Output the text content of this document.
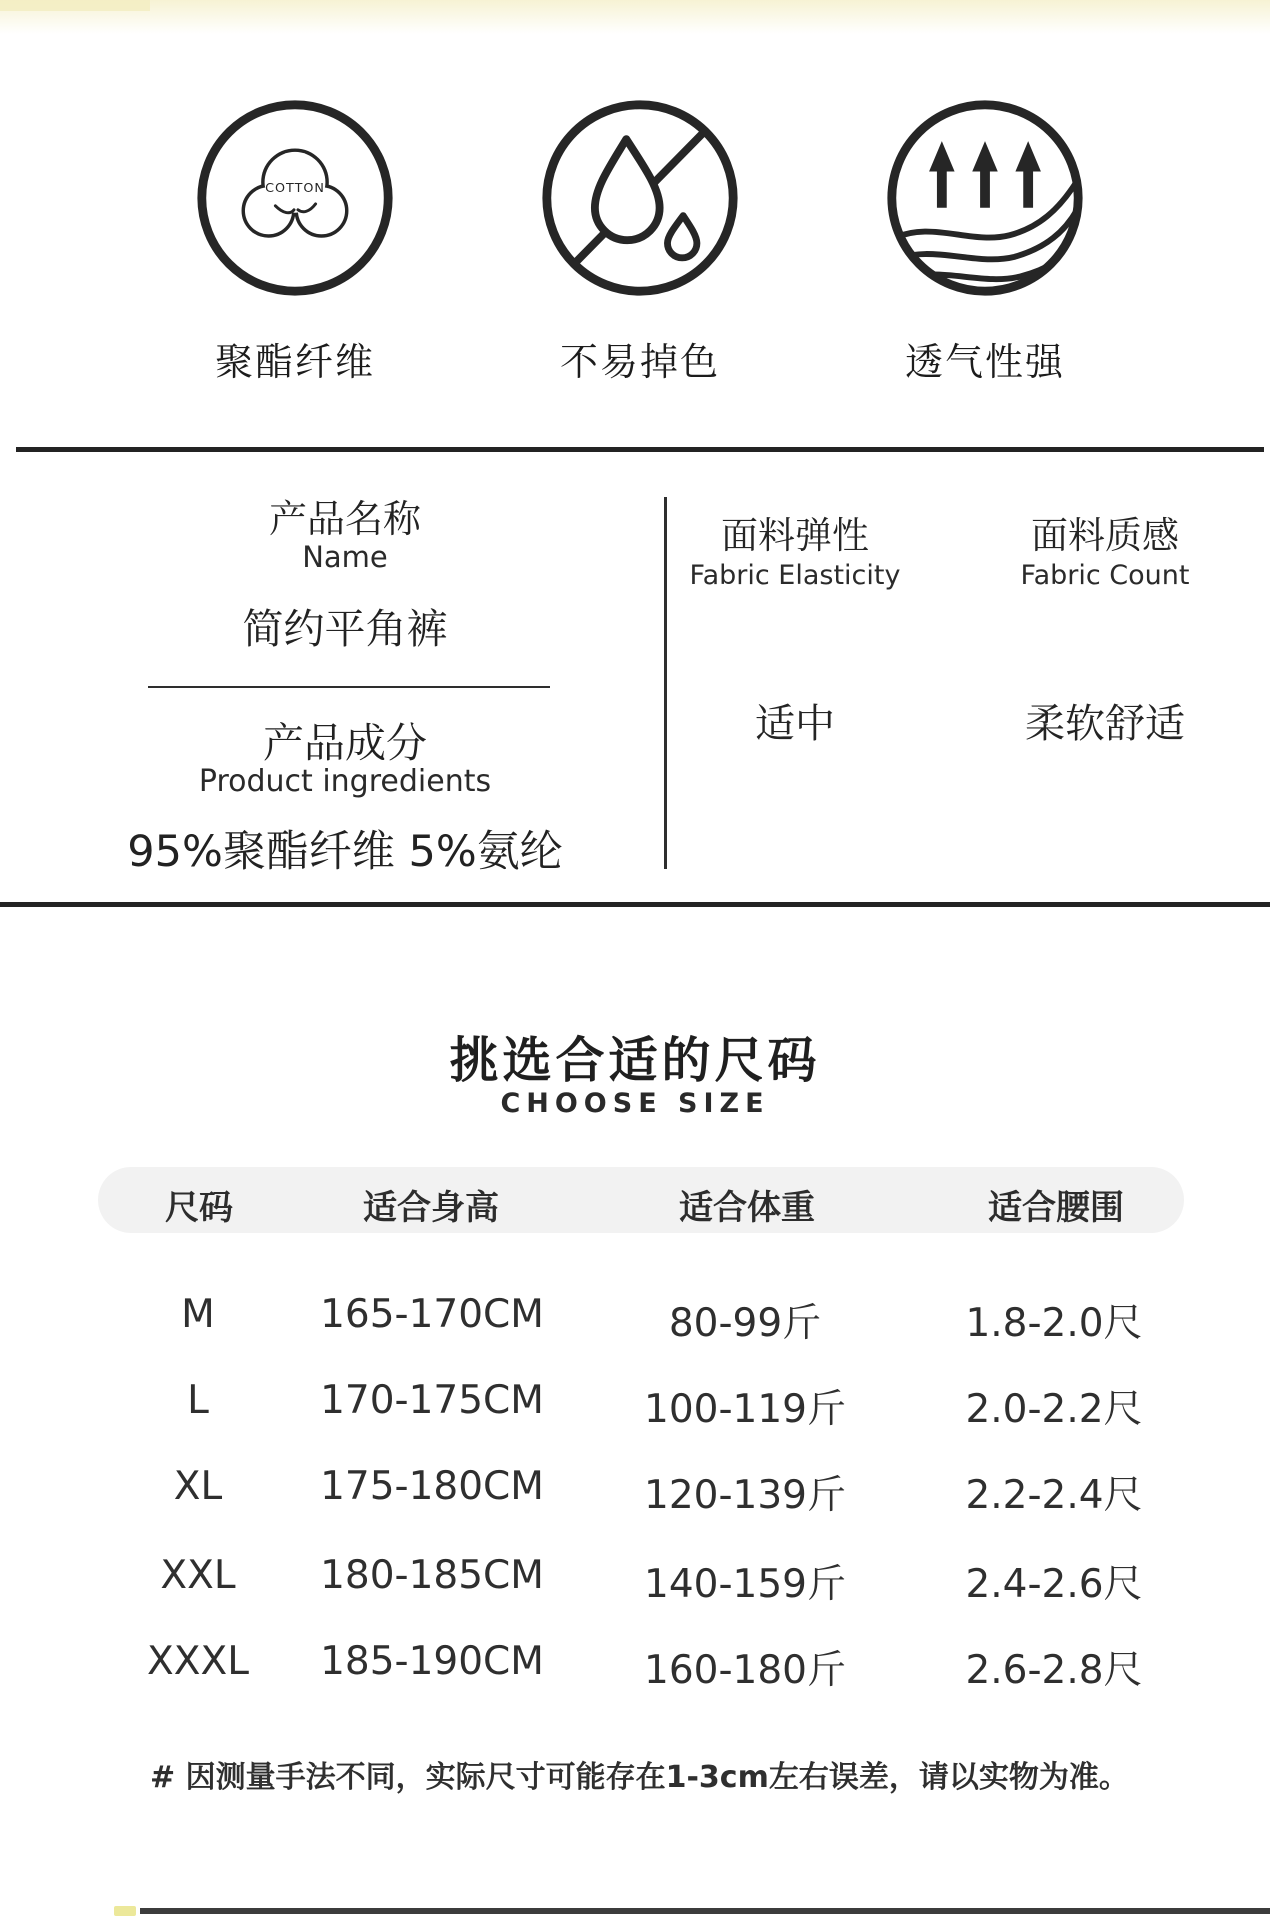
COTTON
聚酯纤维	不易掉色	透气性强
产品名称
Name
简约平角裤
产品成分
Product ingredients
95%聚酯纤维 5%氨纶
面料弹性
Fabric Elasticity
适中
面料质感
Fabric Count
柔软舒适
挑选合适的尺码
CHOOSE SIZE
尺码	适合身高	适合体重	适合腰围
M	165-170CM	80-99斤	1.8-2.0尺
L	170-175CM	100-119斤	2.0-2.2尺
XL	175-180CM	120-139斤	2.2-2.4尺
XXL 180-185CM	140-159斤	2.4-2.6尺
XXXL 185-190CM	160-180斤	2.6-2.8尺
# 因测量手法不同，实际尺寸可能存在1-3cm左右误差，请以实物为准。
